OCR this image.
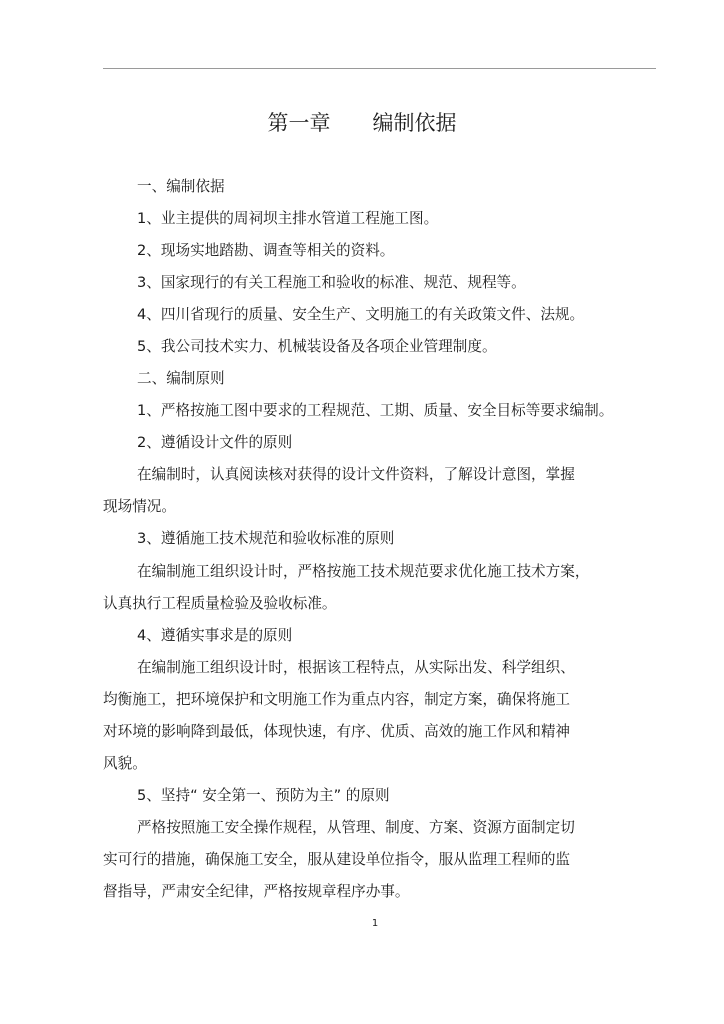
第一章　　编制依据
一、编制依据
1、业主提供的周祠坝主排水管道工程施工图。
2、现场实地踏勘、调查等相关的资料。
3、国家现行的有关工程施工和验收的标准、规范、规程等。
4、四川省现行的质量、安全生产、文明施工的有关政策文件、法规。
5、我公司技术实力、机械装设备及各项企业管理制度。
二、编制原则
1、严格按施工图中要求的工程规范、工期、质量、安全目标等要求编制。
2、遵循设计文件的原则
在编制时，认真阅读核对获得的设计文件资料，了解设计意图，掌握
现场情况。
3、遵循施工技术规范和验收标准的原则
在编制施工组织设计时，严格按施工技术规范要求优化施工技术方案，
认真执行工程质量检验及验收标准。
4、遵循实事求是的原则
在编制施工组织设计时，根据该工程特点，从实际出发、科学组织、
均衡施工，把环境保护和文明施工作为重点内容，制定方案，确保将施工
对环境的影响降到最低，体现快速，有序、优质、高效的施工作风和精神
风貌。
5、坚持“ 安全第一、预防为主” 的原则
严格按照施工安全操作规程，从管理、制度、方案、资源方面制定切
实可行的措施，确保施工安全，服从建设单位指令，服从监理工程师的监
督指导，严肃安全纪律，严格按规章程序办事。
1
